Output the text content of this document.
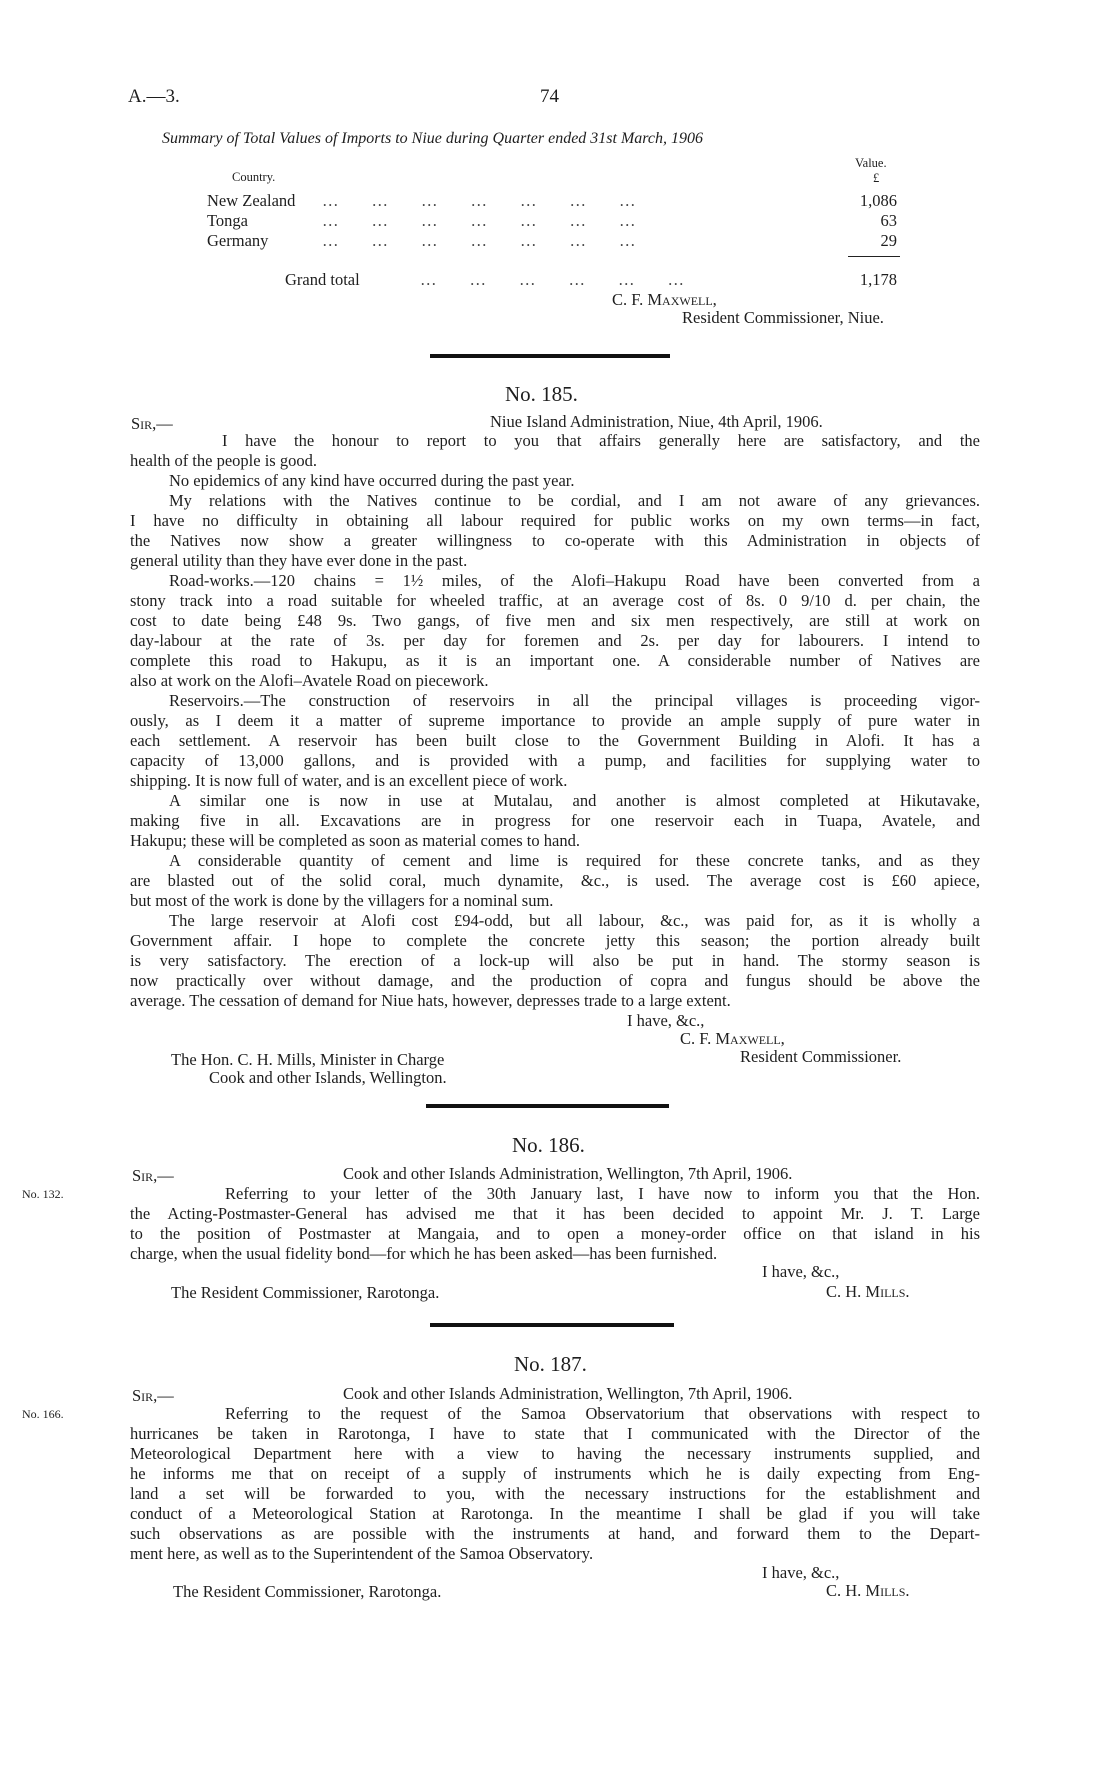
A.—3.	74
Summary of Total Values of Imports to Niue during Quarter ended 31st March, 1906
Value.
Country.	£
New Zealand …        …        …        …        …        …        …	1,086
Tonga	…        …        …        …        …        …        …	63
Germany	…        …        …        …        …        …        …	29
Grand total	…        …        …        …        …        …	1,178
C. F. Maxwell,
Resident Commissioner, Niue.
No. 185.
Sir,—	Niue Island Administration, Niue, 4th April, 1906.
I have the honour to report to you that affairs generally here are satisfactory, and the
health of the people is good.
No epidemics of any kind have occurred during the past year.
My relations with the Natives continue to be cordial, and I am not aware of any grievances.
I have no difficulty in obtaining all labour required for public works on my own terms—in fact,
the Natives now show a greater willingness to co-operate with this Administration in objects of
general utility than they have ever done in the past.
Road-works.—120 chains = 1½ miles, of the Alofi–Hakupu Road have been converted from a
stony track into a road suitable for wheeled traffic, at an average cost of 8s. 0 9/10 d. per chain, the
cost to date being £48 9s. Two gangs, of five men and six men respectively, are still at work on
day-labour at the rate of 3s. per day for foremen and 2s. per day for labourers. I intend to
complete this road to Hakupu, as it is an important one. A considerable number of Natives are
also at work on the Alofi–Avatele Road on piecework.
Reservoirs.—The construction of reservoirs in all the principal villages is proceeding vigor-
ously, as I deem it a matter of supreme importance to provide an ample supply of pure water in
each settlement. A reservoir has been built close to the Government Building in Alofi. It has a
capacity of 13,000 gallons, and is provided with a pump, and facilities for supplying water to
shipping. It is now full of water, and is an excellent piece of work.
A similar one is now in use at Mutalau, and another is almost completed at Hikutavake,
making five in all. Excavations are in progress for one reservoir each in Tuapa, Avatele, and
Hakupu; these will be completed as soon as material comes to hand.
A considerable quantity of cement and lime is required for these concrete tanks, and as they
are blasted out of the solid coral, much dynamite, &c., is used. The average cost is £60 apiece,
but most of the work is done by the villagers for a nominal sum.
The large reservoir at Alofi cost £94-odd, but all labour, &c., was paid for, as it is wholly a
Government affair. I hope to complete the concrete jetty this season; the portion already built
is very satisfactory. The erection of a lock-up will also be put in hand. The stormy season is
now practically over without damage, and the production of copra and fungus should be above the
average. The cessation of demand for Niue hats, however, depresses trade to a large extent.
I have, &c.,
C. F. Maxwell,
Resident Commissioner.
The Hon. C. H. Mills, Minister in Charge
Cook and other Islands, Wellington.
No. 186.
Sir,—	Cook and other Islands Administration, Wellington, 7th April, 1906.
No. 132.	Referring to your letter of the 30th January last, I have now to inform you that the Hon.
the Acting-Postmaster-General has advised me that it has been decided to appoint Mr. J. T. Large
to the position of Postmaster at Mangaia, and to open a money-order office on that island in his
charge, when the usual fidelity bond—for which he has been asked—has been furnished.
I have, &c.,
The Resident Commissioner, Rarotonga.	C. H. Mills.
No. 187.
Sir,—	Cook and other Islands Administration, Wellington, 7th April, 1906.
No. 166.	Referring to the request of the Samoa Observatorium that observations with respect to
hurricanes be taken in Rarotonga, I have to state that I communicated with the Director of the
Meteorological Department here with a view to having the necessary instruments supplied, and
he informs me that on receipt of a supply of instruments which he is daily expecting from Eng-
land a set will be forwarded to you, with the necessary instructions for the establishment and
conduct of a Meteorological Station at Rarotonga. In the meantime I shall be glad if you will take
such observations as are possible with the instruments at hand, and forward them to the Depart-
ment here, as well as to the Superintendent of the Samoa Observatory.
I have, &c.,
The Resident Commissioner, Rarotonga.	C. H. Mills.
